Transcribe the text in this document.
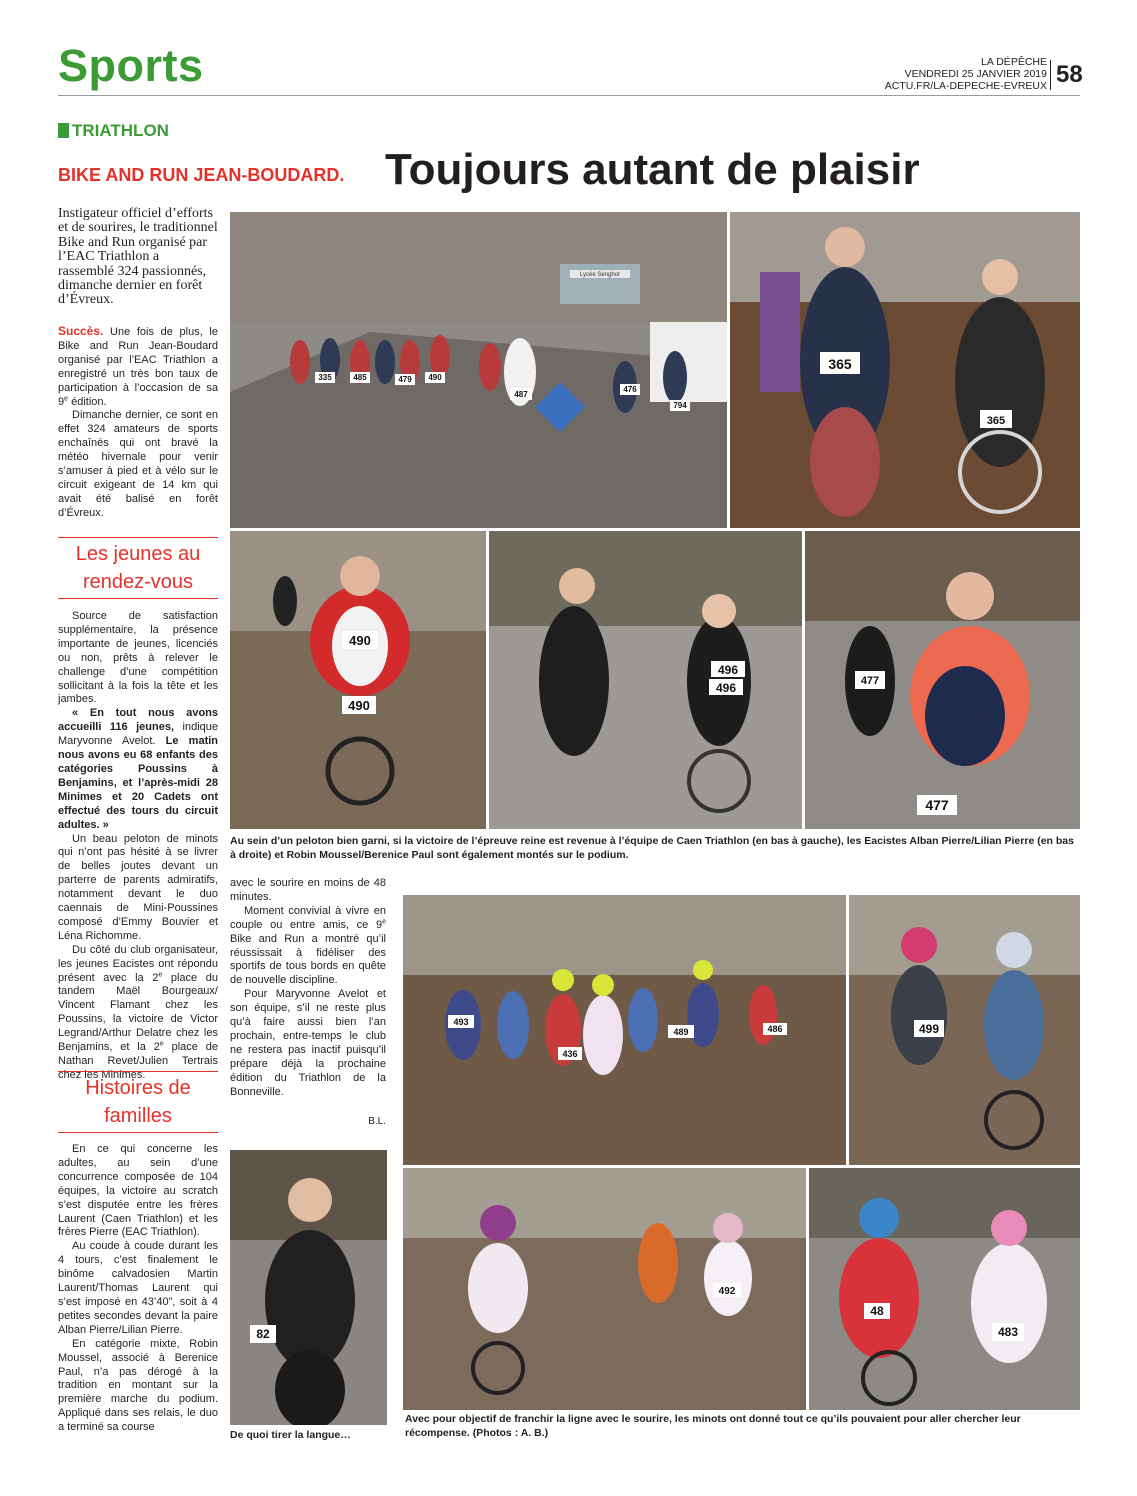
Sports	LA DÉPÊCHE
VENDREDI 25 JANVIER 2019
ACTU.FR/LA-DEPECHE-EVREUX 58
TRIATHLON
BIKE AND RUN JEAN-BOUDARD. Toujours autant de plaisir
Instigateur officiel d’efforts et de sourires, le traditionnel Bike and Run organisé par l’EAC Triathlon a rassemblé 324 passionnés, dimanche dernier en forêt d’Évreux.

Succès. Une fois de plus, le Bike and Run Jean-Boudard organisé par l’EAC Triathlon a enregistré un très bon taux de participation à l’occasion de sa 9e édition.

Dimanche dernier, ce sont en effet 324 amateurs de sports enchaînés qui ont bravé la météo hivernale pour venir s’amuser à pied et à vélo sur le circuit exigeant de 14 km qui avait été balisé en forêt d’Évreux.

Les jeunes au rendez-vous

Source de satisfaction supplémentaire, la présence importante de jeunes, licenciés ou non, prêts à relever le challenge d’une compétition sollicitant à la fois la tête et les jambes.

« En tout nous avons accueilli 116 jeunes, indique Maryvonne Avelot. Le matin nous avons eu 68 enfants des catégories Poussins à Benjamins, et l’après-midi 28 Minimes et 20 Cadets ont effectué des tours du circuit adultes. »

Un beau peloton de minots qui n’ont pas hésité à se livrer de belles joutes devant un parterre de parents admiratifs, notamment devant le duo caennais de Mini-Poussines composé d’Emmy Bouvier et Léna Richomme.

Du côté du club organisateur, les jeunes Eacistes ont répondu présent avec la 2e place du tandem Maël Bourgeaux/ Vincent Flamant chez les Poussins, la victoire de Victor Legrand/Arthur Delatre chez les Benjamins, et la 2e place de Nathan Revet/Julien Tertrais chez les Minimes.

Histoires de familles

En ce qui concerne les adultes, au sein d’une concurrence composée de 104 équipes, la victoire au scratch s’est disputée entre les frères Laurent (Caen Triathlon) et les frères Pierre (EAC Triathlon).

Au coude à coude durant les 4 tours, c’est finalement le binôme calvadosien Martin Laurent/Thomas Laurent qui s’est imposé en 43’40”, soit à 4 petites secondes devant la paire Alban Pierre/Lilian Pierre.

En catégorie mixte, Robin Moussel, associé à Berenice Paul, n’a pas dérogé à la tradition en montant sur la première marche du podium. Appliqué dans ses relais, le duo a terminé sa course

avec le sourire en moins de 48 minutes.

Moment convivial à vivre en couple ou entre amis, ce 9e Bike and Run a montré qu’il réussissait à fidéliser des sportifs de tous bords en quête de nouvelle discipline.

Pour Maryvonne Avelot et son équipe, s’il ne reste plus qu’à faire aussi bien l’an prochain, entre-temps le club ne restera pas inactif puisqu’il prépare déjà la prochaine édition du Triathlon de la Bonneville.

B.L.
Lycée Senghor
487
490
485	479
476
794
335
365
365
490
490
496
496
477
477
493
489	486
436
499
82
492
483
48
Au sein d’un peloton bien garni, si la victoire de l’épreuve reine est revenue à l’équipe de Caen Triathlon (en bas à gauche), les Eacistes Alban Pierre/Lilian Pierre (en bas à droite) et Robin Moussel/Berenice Paul sont également montés sur le podium.
De quoi tirer la langue…
Avec pour objectif de franchir la ligne avec le sourire, les minots ont donné tout ce qu’ils pouvaient pour aller chercher leur récompense. (Photos : A. B.)
